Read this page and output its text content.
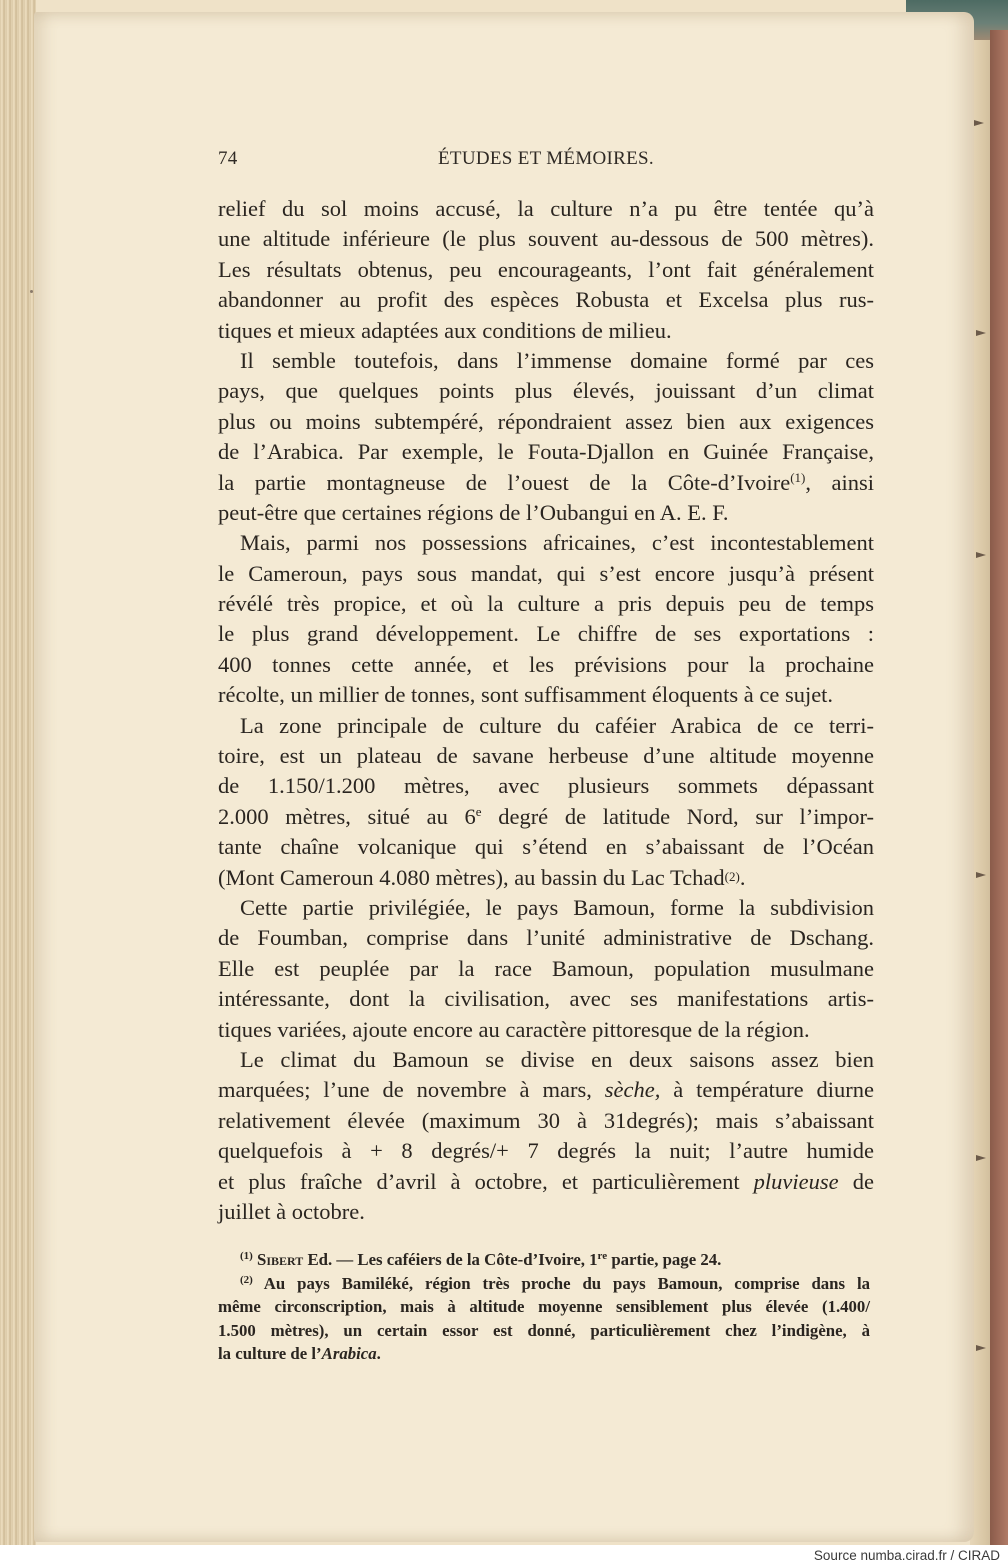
74	ÉTUDES ET MÉMOIRES.
relief du sol moins accusé, la culture n’a pu être tentée qu’à
une altitude inférieure (le plus souvent au-dessous de 500 mètres).
Les résultats obtenus, peu encourageants, l’ont fait généralement
abandonner au profit des espèces Robusta et Excelsa plus rus-
tiques et mieux adaptées aux conditions de milieu.
Il semble toutefois, dans l’immense domaine formé par ces
pays, que quelques points plus élevés, jouissant d’un climat
plus ou moins subtempéré, répondraient assez bien aux exigences
de l’Arabica. Par exemple, le Fouta-Djallon en Guinée Française,
la partie montagneuse de l’ouest de la Côte-d’Ivoire$^{(1)}$, ainsi
peut-être que certaines régions de l’Oubangui en A. E. F.
Mais, parmi nos possessions africaines, c’est incontestablement
le Cameroun, pays sous mandat, qui s’est encore jusqu’à présent
révélé très propice, et où la culture a pris depuis peu de temps
le plus grand développement. Le chiffre de ses exportations :
400 tonnes cette année, et les prévisions pour la prochaine
récolte, un millier de tonnes, sont suffisamment éloquents à ce sujet.
La zone principale de culture du caféier Arabica de ce terri-
toire, est un plateau de savane herbeuse d’une altitude moyenne
de 1.150/1.200 mètres, avec plusieurs sommets dépassant
2.000 mètres, situé au 6e degré de latitude Nord, sur l’impor-
tante chaîne volcanique qui s’étend en s’abaissant de l’Océan
(Mont Cameroun 4.080 mètres), au bassin du Lac Tchad$^{(2)}$.
Cette partie privilégiée, le pays Bamoun, forme la subdivision
de Foumban, comprise dans l’unité administrative de Dschang.
Elle est peuplée par la race Bamoun, population musulmane
intéressante, dont la civilisation, avec ses manifestations artis-
tiques variées, ajoute encore au caractère pittoresque de la région.
Le climat du Bamoun se divise en deux saisons assez bien
marquées; l’une de novembre à mars, sèche, à température diurne
relativement élevée (maximum 30 à 31degrés); mais s’abaissant
quelquefois à + 8 degrés/+ 7 degrés la nuit; l’autre humide
et plus fraîche d’avril à octobre, et particulièrement pluvieuse de
juillet à octobre.
$^{(1)}$ Sibert Ed. — Les caféiers de la Côte-d’Ivoire, 1re partie, page 24.
$^{(2)}$ Au pays Bamiléké, région très proche du pays Bamoun, comprise dans la
même circonscription, mais à altitude moyenne sensiblement plus élevée (1.400/
1.500 mètres), un certain essor est donné, particulièrement chez l’indigène, à
la culture de l’Arabica.
Source numba.cirad.fr / CIRAD
